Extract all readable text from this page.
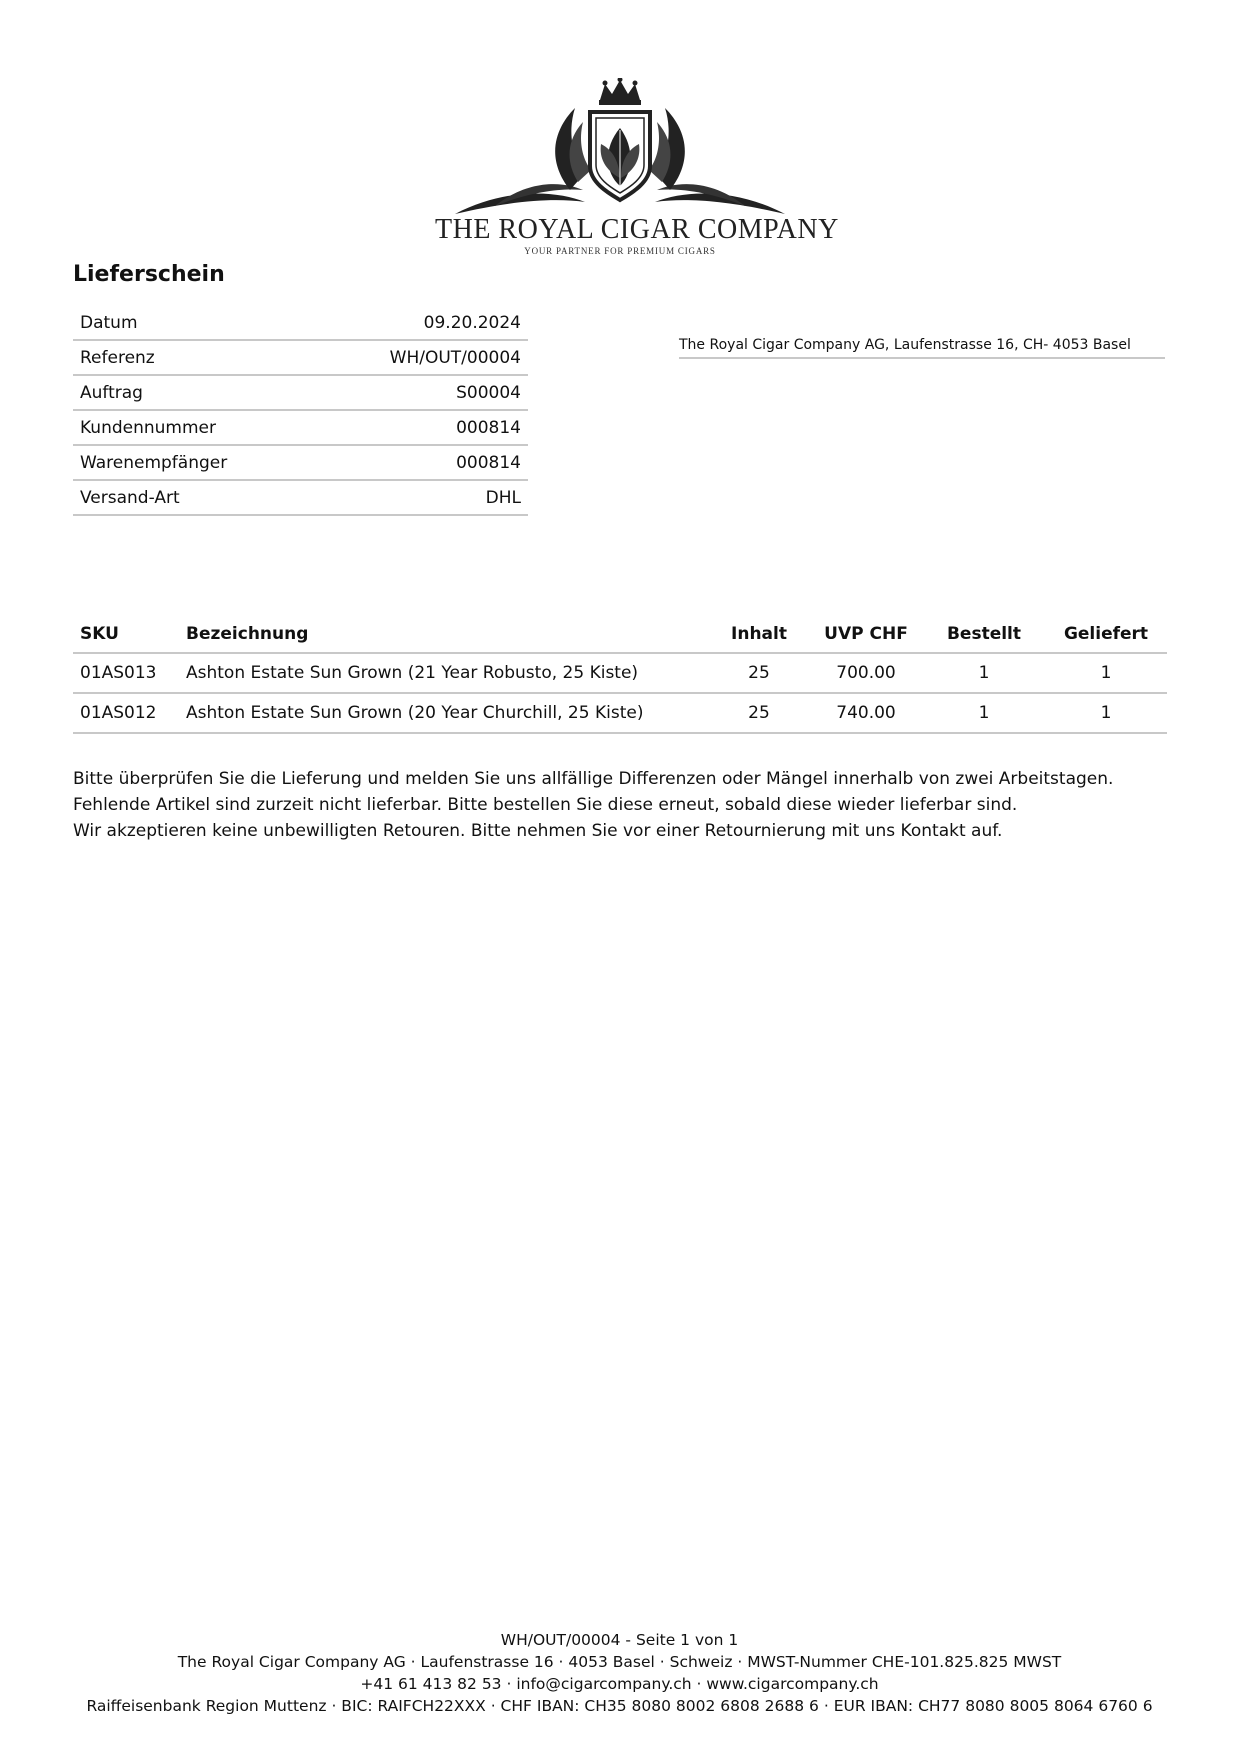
THE ROYAL CIGAR COMPANY
YOUR PARTNER FOR PREMIUM CIGARS
Lieferschein
Datum	09.20.2024
Referenz	WH/OUT/00004
Auftrag	S00004
Kundennummer	000814
Warenempfänger	000814
Versand-Art	DHL
The Royal Cigar Company AG, Laufenstrasse 16, CH- 4053 Basel
SKU	Bezeichnung	Inhalt	UVP CHF	Bestellt	Geliefert
01AS013	Ashton Estate Sun Grown (21 Year Robusto, 25 Kiste)	25	700.00	1	1
01AS012	Ashton Estate Sun Grown (20 Year Churchill, 25 Kiste)	25	740.00	1	1
Bitte überprüfen Sie die Lieferung und melden Sie uns allfällige Differenzen oder Mängel innerhalb von zwei Arbeitstagen.
Fehlende Artikel sind zurzeit nicht lieferbar. Bitte bestellen Sie diese erneut, sobald diese wieder lieferbar sind.
Wir akzeptieren keine unbewilligten Retouren. Bitte nehmen Sie vor einer Retournierung mit uns Kontakt auf.
WH/OUT/00004 - Seite 1 von 1
The Royal Cigar Company AG · Laufenstrasse 16 · 4053 Basel · Schweiz · MWST-Nummer CHE-101.825.825 MWST
+41 61 413 82 53 · info@cigarcompany.ch · www.cigarcompany.ch
Raiffeisenbank Region Muttenz · BIC: RAIFCH22XXX · CHF IBAN: CH35 8080 8002 6808 2688 6 · EUR IBAN: CH77 8080 8005 8064 6760 6
